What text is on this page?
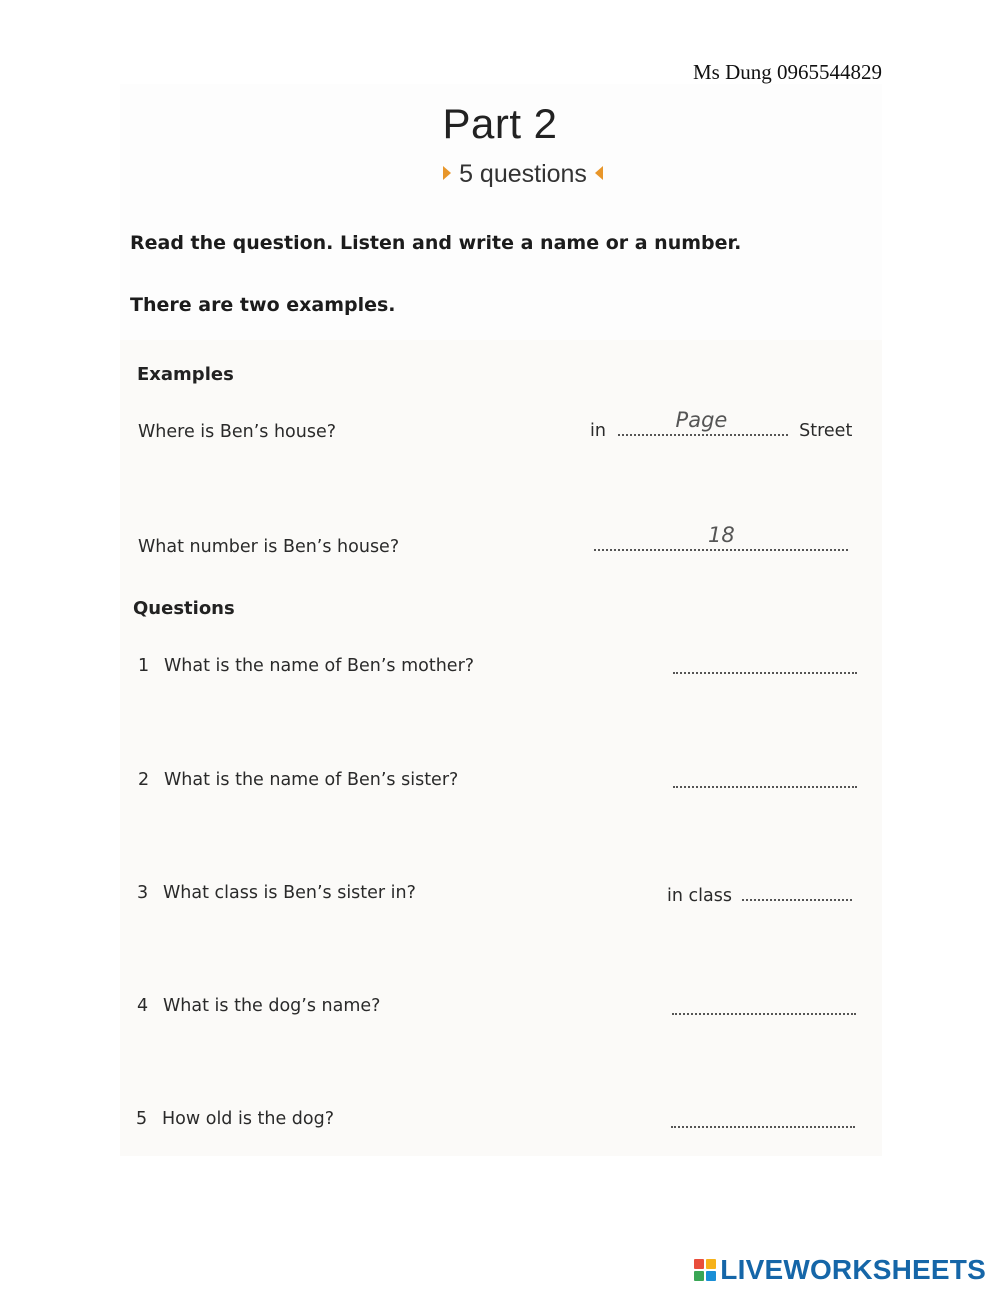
Ms Dung 0965544829
Part 2
5 questions
Read the question. Listen and write a name or a number.
There are two examples.
Examples
Where is Ben’s house?	in	Page	Street
What number is Ben’s house?	18
Questions
1 What is the name of Ben’s mother?
2 What is the name of Ben’s sister?
3 What class is Ben’s sister in?	in class
4 What is the dog’s name?
5 How old is the dog?
LIVEWORKSHEETS
